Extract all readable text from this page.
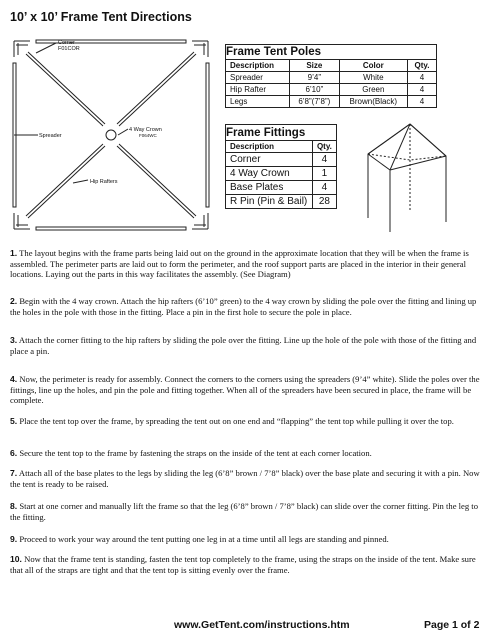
10’ x 10’ Frame Tent Directions
Corner
F01COR
Spreader
4 Way Crown
F064WC
Hip Rafters
Frame Tent Poles			
Description	Size	Color	Qty.
Spreader	9’4”	White	4
Hip Rafter	6’10”	Green	4
Legs	6’8”(7’8”)	Brown(Black)	4
Frame Fittings	
Description	Qty.
Corner	4
4 Way Crown	1
Base Plates	4
R Pin (Pin & Bail)	28

1. The layout begins with the frame parts being laid out on the ground in the approximate location that they will be when the frame is assembled. The perimeter parts are laid out to form the perimeter, and the roof support parts are placed in the interior in their general locations. Laying out the parts in this way facilitates the assembly. (See Diagram)

2. Begin with the 4 way crown. Attach the hip rafters (6’10” green) to the 4 way crown by sliding the pole over the fitting and lining up the holes in the pole with those in the fitting. Place a pin in the first hole to secure the pole in place.

3. Attach the corner fitting to the hip rafters by sliding the pole over the fitting. Line up the hole of the pole with those of the fitting and place a pin.

4. Now, the perimeter is ready for assembly. Connect the corners to the corners using the spreaders (9’4” white). Slide the poles over the fittings, line up the holes, and pin the pole and fitting together. When all of the spreaders have been secured in place, the frame will be complete.

5. Place the tent top over the frame, by spreading the tent out on one end and “flapping” the tent top while pulling it over the top.

6. Secure the tent top to the frame by fastening the straps on the inside of the tent at each corner location.

7. Attach all of the base plates to the legs by sliding the leg (6’8” brown / 7’8” black) over the base plate and securing it with a pin. Now the tent is ready to be raised.

8. Start at one corner and manually lift the frame so that the leg (6’8” brown / 7’8” black) can slide over the corner fitting. Pin the leg to the fitting.

9. Proceed to work your way around the tent putting one leg in at a time until all legs are standing and pinned.

10. Now that the frame tent is standing, fasten the tent top completely to the frame, using the straps on the inside of the tent. Make sure that all of the straps are tight and that the tent top is sitting evenly over the frame.

www.GetTent.com/instructions.htm	Page 1 of 2
